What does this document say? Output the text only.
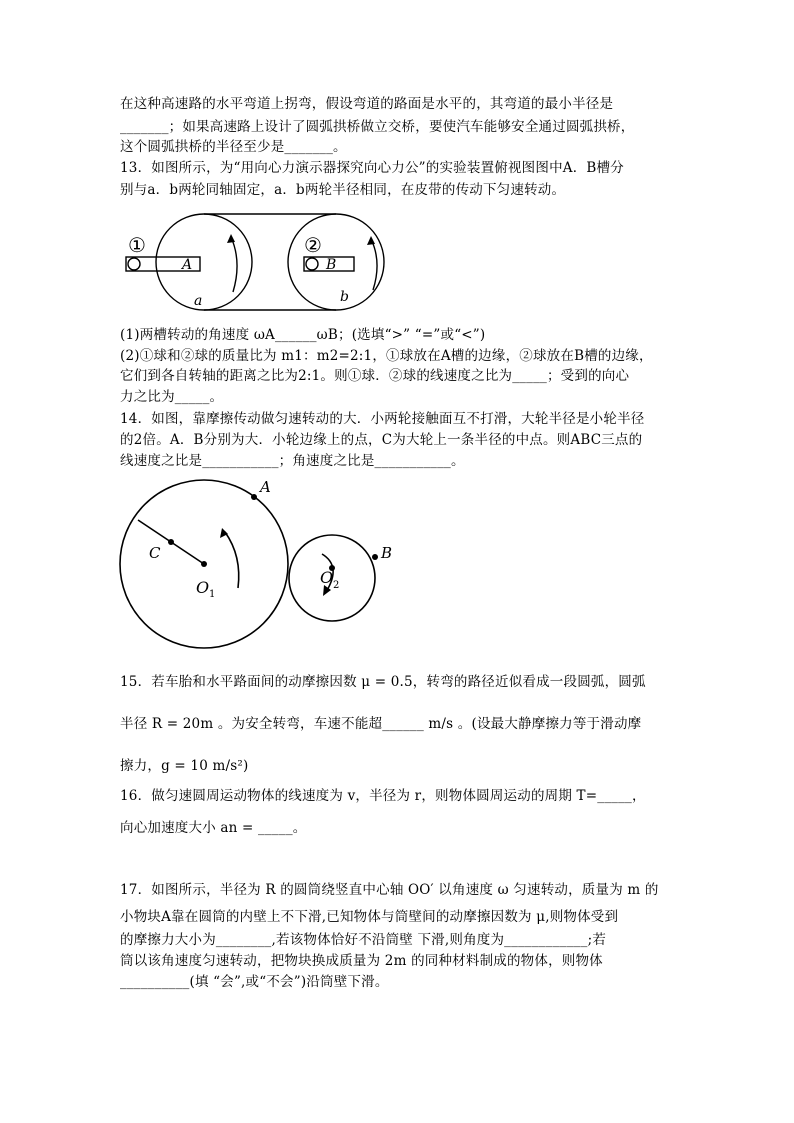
在这种高速路的水平弯道上拐弯，假设弯道的路面是水平的，其弯道的最小半径是
_______；如果高速路上设计了圆弧拱桥做立交桥，要使汽车能够安全通过圆弧拱桥，
这个圆弧拱桥的半径至少是_______。
13．如图所示，为“用向心力演示器探究向心力公”的实验装置俯视图图中A．B槽分
别与a．b两轮同轴固定，a．b两轮半径相同，在皮带的传动下匀速转动。
①	②
A	B
a	b
(1)两槽转动的角速度 ωA______ωB；(选填“>” “=”或“<”)
(2)①球和②球的质量比为 m1：m2=2:1，①球放在A槽的边缘，②球放在B槽的边缘，
它们到各自转轴的距离之比为2:1。则①球．②球的线速度之比为_____；受到的向心
力之比为_____。
14．如图，靠摩擦传动做匀速转动的大．小两轮接触面互不打滑，大轮半径是小轮半径
的2倍。A．B分别为大．小轮边缘上的点，C为大轮上一条半径的中点。则ABC三点的
线速度之比是___________；角速度之比是___________。
A
B
C
O 1
O 2
15．若车胎和水平路面间的动摩擦因数 μ = 0.5，转弯的路径近似看成一段圆弧，圆弧
半径 R = 20m 。为安全转弯，车速不能超______ m/s 。(设最大静摩擦力等于滑动摩
擦力，g = 10 m/s²)
16．做匀速圆周运动物体的线速度为 v，半径为 r，则物体圆周运动的周期 T=_____，
向心加速度大小 an = _____。
17．如图所示，半径为 R 的圆筒绕竖直中心轴 OO′ 以角速度 ω 匀速转动，质量为 m 的
小物块A靠在圆筒的内壁上不下滑,已知物体与筒壁间的动摩擦因数为 μ,则物体受到
的摩擦力大小为________,若该物体恰好不沿筒壁 下滑,则角度为____________;若
筒以该角速度匀速转动，把物块换成质量为 2m 的同种材料制成的物体，则物体
__________(填 “会”,或“不会”)沿筒壁下滑。
